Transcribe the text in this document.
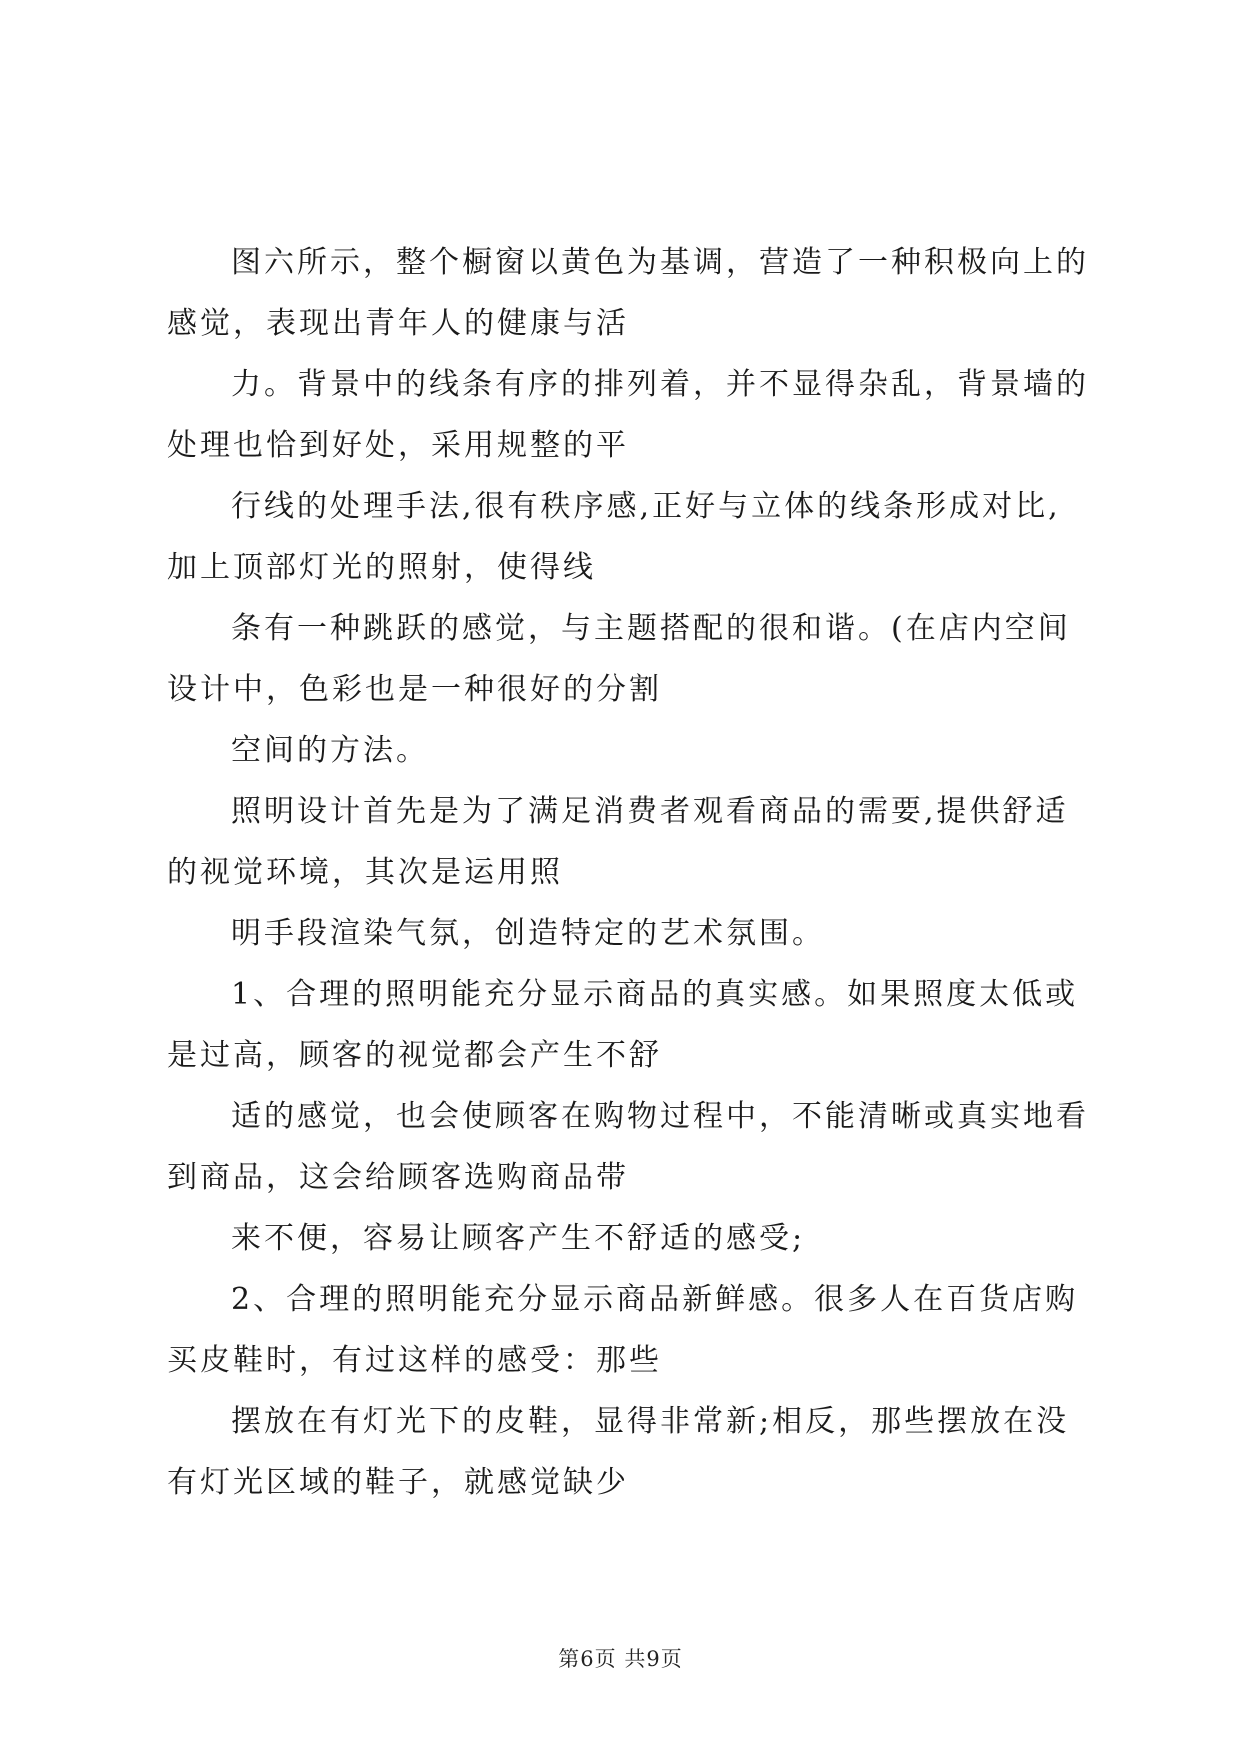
图六所示，整个橱窗以黄色为基调，营造了一种积极向上的
感觉，表现出青年人的健康与活
力。背景中的线条有序的排列着，并不显得杂乱，背景墙的
处理也恰到好处，采用规整的平
行线的处理手法,很有秩序感,正好与立体的线条形成对比,
加上顶部灯光的照射，使得线
条有一种跳跃的感觉，与主题搭配的很和谐。(在店内空间
设计中，色彩也是一种很好的分割
空间的方法。
照明设计首先是为了满足消费者观看商品的需要,提供舒适
的视觉环境，其次是运用照
明手段渲染气氛，创造特定的艺术氛围。
1、合理的照明能充分显示商品的真实感。如果照度太低或
是过高，顾客的视觉都会产生不舒
适的感觉，也会使顾客在购物过程中，不能清晰或真实地看
到商品，这会给顾客选购商品带
来不便，容易让顾客产生不舒适的感受;
2、合理的照明能充分显示商品新鲜感。很多人在百货店购
买皮鞋时，有过这样的感受：那些
摆放在有灯光下的皮鞋，显得非常新;相反，那些摆放在没
有灯光区域的鞋子，就感觉缺少
第6页 共9页
